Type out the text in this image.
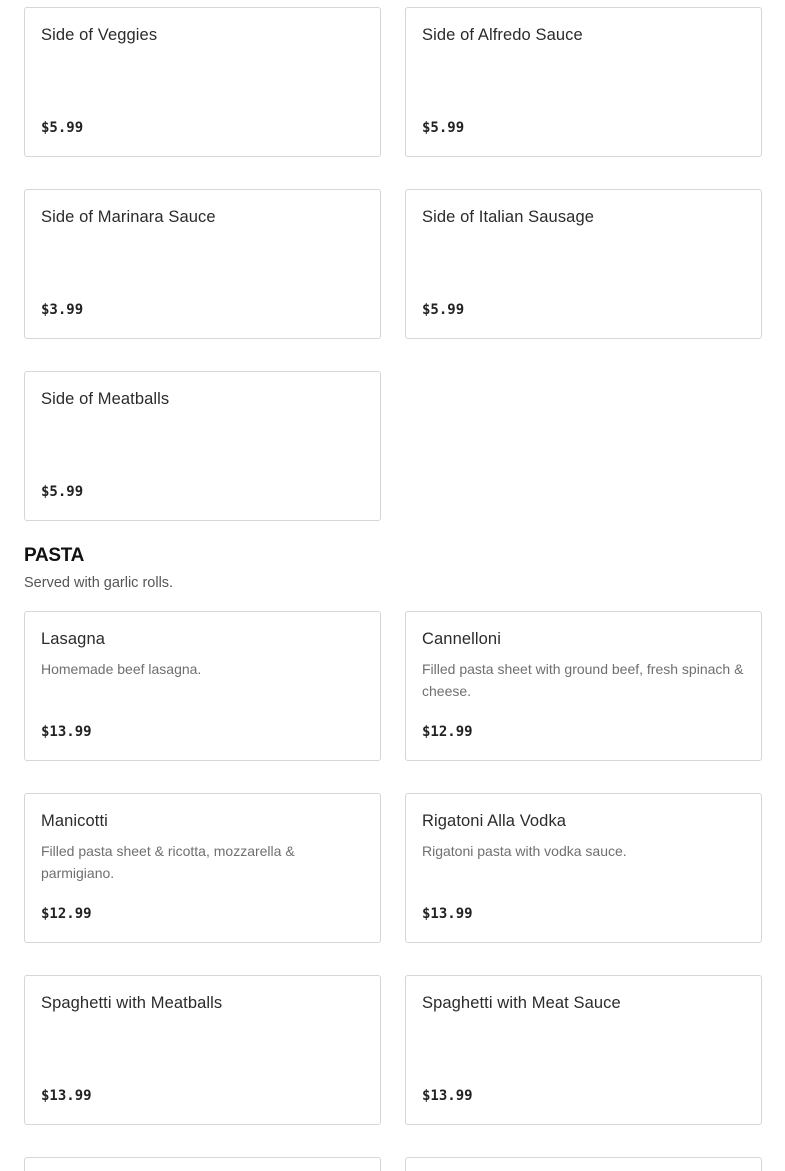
Side of Veggies
$5.99
Side of Alfredo Sauce
$5.99
Side of Marinara Sauce
$3.99
Side of Italian Sausage
$5.99
Side of Meatballs
$5.99
PASTA
Served with garlic rolls.
Lasagna
Homemade beef lasagna.
$13.99
Cannelloni
Filled pasta sheet with ground beef, fresh spinach & cheese.
$12.99
Manicotti
Filled pasta sheet & ricotta, mozzarella & parmigiano.
$12.99
Rigatoni Alla Vodka
Rigatoni pasta with vodka sauce.
$13.99
Spaghetti with Meatballs
$13.99
Spaghetti with Meat Sauce
$13.99
